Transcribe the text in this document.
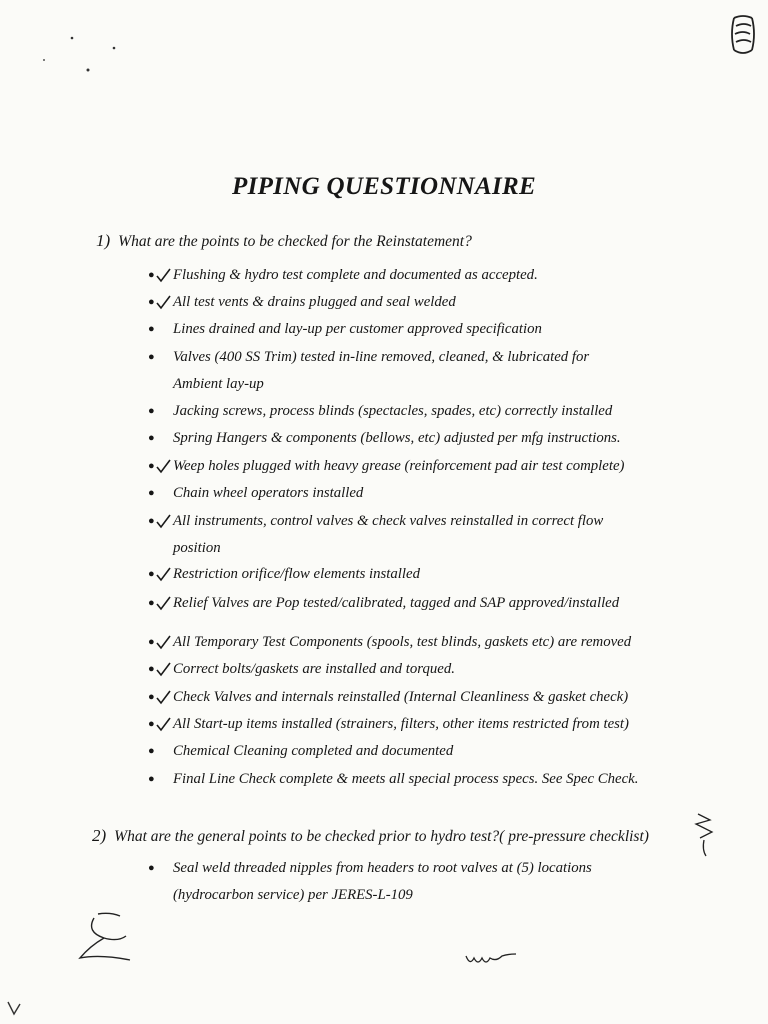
PIPING QUESTIONNAIRE
1) What are the points to be checked for the Reinstatement?
● Flushing & hydro test complete and documented as accepted.
● All test vents & drains plugged and seal welded
● Lines drained and lay-up per customer approved specification
● Valves (400 SS Trim) tested in-line removed, cleaned, & lubricated for
Ambient lay-up
● Jacking screws, process blinds (spectacles, spades, etc) correctly installed
● Spring Hangers & components (bellows, etc) adjusted per mfg instructions.
● Weep holes plugged with heavy grease (reinforcement pad air test complete)
● Chain wheel operators installed
● All instruments, control valves & check valves reinstalled in correct flow
position
● Restriction orifice/flow elements installed
● Relief Valves are Pop tested/calibrated, tagged and SAP approved/installed
● All Temporary Test Components (spools, test blinds, gaskets etc) are removed
● Correct bolts/gaskets are installed and torqued.
● Check Valves and internals reinstalled (Internal Cleanliness & gasket check)
● All Start-up items installed (strainers, filters, other items restricted from test)
● Chemical Cleaning completed and documented
● Final Line Check complete & meets all special process specs. See Spec Check.
2) What are the general points to be checked prior to hydro test?( pre-pressure checklist)
● Seal weld threaded nipples from headers to root valves at (5) locations
(hydrocarbon service) per JERES-L-109
